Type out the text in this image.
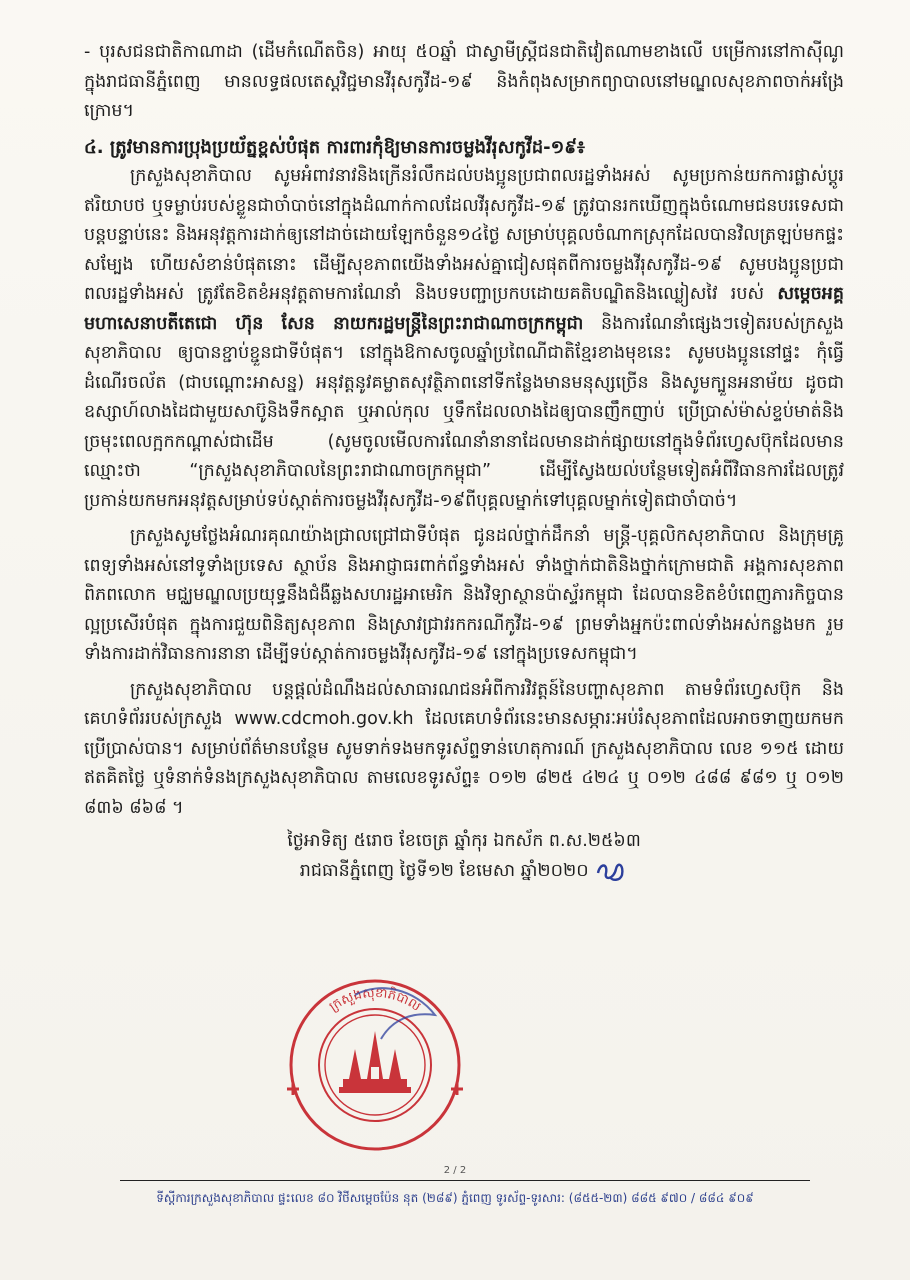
- បុរសជនជាតិកាណាដា (ដើមកំណើតចិន) អាយុ ៥០ឆ្នាំ ជាស្វាមីស្ត្រីជនជាតិវៀតណាមខាងលើ បម្រើការនៅកាស៊ីណូក្នុងរាជធានីភ្នំពេញ មានលទ្ធផលតេស្តវិជ្ជមានវីរុសកូវីដ-១៩ និងកំពុងសម្រាកព្យាបាលនៅមណ្ឌលសុខភាពចាក់អង្រែក្រោម។

៤. ត្រូវមានការប្រុងប្រយ័ត្នខ្ពស់បំផុត ការពារកុំឱ្យមានការចម្លងវីរុសកូវីដ-១៩៖

ក្រសួងសុខាភិបាល សូមអំពាវនាវនិងក្រើនរំលឹកដល់បងប្អូនប្រជាពលរដ្ឋទាំងអស់ សូមប្រកាន់យកការផ្លាស់ប្ដូរឥរិយាបថ ឬទម្លាប់របស់ខ្លួនជាចាំបាច់នៅក្នុងដំណាក់កាលដែលវីរុសកូវីដ-១៩ ត្រូវបានរកឃើញក្នុងចំណោមជនបរទេសជាបន្តបន្ទាប់នេះ និងអនុវត្តការដាក់ឲ្យនៅដាច់ដោយឡែកចំនួន១៤ថ្ងៃ សម្រាប់បុគ្គលចំណាកស្រុកដែលបានវិលត្រឡប់មកផ្ទះសម្បែង ហើយសំខាន់បំផុតនោះ ដើម្បីសុខភាពយើងទាំងអស់គ្នាជៀសផុតពីការចម្លងវីរុសកូវីដ-១៩ សូមបងប្អូនប្រជាពលរដ្ឋទាំងអស់ ត្រូវតែខិតខំអនុវត្តតាមការណែនាំ និងបទបញ្ជាប្រកបដោយគតិបណ្ឌិតនិងឈ្លៀសវៃ របស់ សម្ដេចអគ្គមហាសេនាបតីតេជោ ហ៊ុន សែន នាយករដ្ឋមន្ត្រីនៃព្រះរាជាណាចក្រកម្ពុជា និងការណែនាំផ្សេងៗទៀតរបស់ក្រសួងសុខាភិបាល ឲ្យបានខ្ជាប់ខ្ជួនជាទីបំផុត។ នៅក្នុងឱកាសចូលឆ្នាំប្រពៃណីជាតិខ្មែរខាងមុខនេះ សូមបងប្អូននៅផ្ទះ កុំធ្វើដំណើរចល័ត (ជាបណ្ដោះអាសន្ន) អនុវត្តនូវគម្លាតសុវត្ថិភាពនៅទីកន្លែងមានមនុស្សច្រើន និងសូមក្បួនអនាម័យ ដូចជាឧស្សាហ៍លាងដៃជាមួយសាប៊ូនិងទឹកស្អាត ឬអាល់កុល ឬទឹកដែលលាងដៃឲ្យបានញឹកញាប់ ប្រើប្រាស់ម៉ាស់ខ្ទប់មាត់និងច្រមុះពេលក្អកកណ្ដាស់ជាដើម (សូមចូលមើលការណែនាំនានាដែលមានដាក់ផ្សាយនៅក្នុងទំព័រហ្វេសប៊ុកដែលមានឈ្មោះថា “ក្រសួងសុខាភិបាលនៃព្រះរាជាណាចក្រកម្ពុជា” ដើម្បីស្វែងយល់បន្ថែមទៀតអំពីវិធានការដែលត្រូវប្រកាន់យកមកអនុវត្តសម្រាប់ទប់ស្កាត់ការចម្លងវីរុសកូវីដ-១៩ពីបុគ្គលម្នាក់ទៅបុគ្គលម្នាក់ទៀតជាចាំបាច់។

ក្រសួងសូមថ្លែងអំណរគុណយ៉ាងជ្រាលជ្រៅជាទីបំផុត ជូនដល់ថ្នាក់ដឹកនាំ មន្ត្រី-បុគ្គលិកសុខាភិបាល និងក្រុមគ្រូពេទ្យទាំងអស់នៅទូទាំងប្រទេស ស្ថាប័ន និងអាជ្ញាធរពាក់ព័ន្ធទាំងអស់ ទាំងថ្នាក់ជាតិនិងថ្នាក់ក្រោមជាតិ អង្គការសុខភាពពិភពលោក មជ្ឈមណ្ឌលប្រយុទ្ធនឹងជំងឺឆ្លងសហរដ្ឋអាមេរិក និងវិទ្យាស្ថានប៉ាស្ទ័រកម្ពុជា ដែលបានខិតខំបំពេញភារកិច្ចបានល្អប្រសើរបំផុត ក្នុងការជួយពិនិត្យសុខភាព និងស្រាវជ្រាវរកករណីកូវីដ-១៩ ព្រមទាំងអ្នកប៉ះពាល់ទាំងអស់កន្លងមក រួមទាំងការដាក់វិធានការនានា ដើម្បីទប់ស្កាត់ការចម្លងវីរុសកូវីដ-១៩ នៅក្នុងប្រទេសកម្ពុជា។

ក្រសួងសុខាភិបាល បន្តផ្តល់ដំណឹងដល់សាធារណជនអំពីការវិវត្តន៍នៃបញ្ហាសុខភាព តាមទំព័រហ្វេសប៊ុក និងគេហទំព័ររបស់ក្រសួង www.cdcmoh.gov.kh ដែលគេហទំព័រនេះមានសម្ភារៈអប់រំសុខភាពដែលអាចទាញយកមកប្រើប្រាស់បាន។ សម្រាប់ព័ត៌មានបន្ថែម សូមទាក់ទងមកទូរស័ព្ទទាន់ហេតុការណ៍ ក្រសួងសុខាភិបាល លេខ ១១៥ ដោយឥតគិតថ្លៃ ឬទំនាក់ទំនងក្រសួងសុខាភិបាល តាមលេខទូរស័ព្ទ៖ ០១២ ៨២៥ ៤២៤ ឬ ០១២ ៤៨៨ ៩៨១ ឬ ០១២ ៨៣៦ ៨៦៨ ។

ថ្ងៃអាទិត្យ ៥រោច ខែចេត្រ ឆ្នាំកុរ ឯកស័ក ព.ស.២៥៦៣

រាជធានីភ្នំពេញ ថ្ងៃទី១២ ខែមេសា ឆ្នាំ២០២០

ក្រសួងសុខាភិបាល
2 / 2
ទីស្តីការក្រសួងសុខាភិបាល ផ្ទះលេខ ៨០ វិថីសម្ដេចប៉ែន នុត (២៨៩) ភ្នំពេញ ទូរស័ព្ទ-ទូរសារ: (៨៥៥-២៣) ៨៨៥ ៩៧០ / ៨៨៤ ៩០៩
